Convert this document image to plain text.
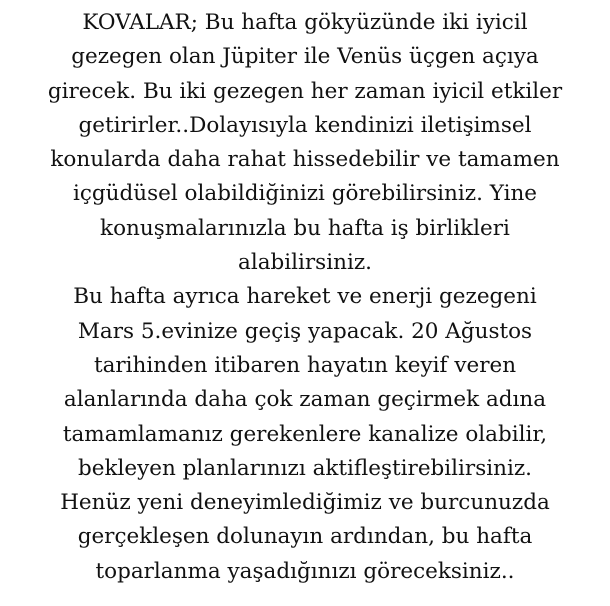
KOVALAR; Bu hafta gökyüzünde iki iyicil
gezegen olan Jüpiter ile Venüs üçgen açıya
girecek. Bu iki gezegen her zaman iyicil etkiler
getirirler..Dolayısıyla kendinizi iletişimsel
konularda daha rahat hissedebilir ve tamamen
içgüdüsel olabildiğinizi görebilirsiniz. Yine
konuşmalarınızla bu hafta iş birlikleri
alabilirsiniz.
Bu hafta ayrıca hareket ve enerji gezegeni
Mars 5.evinize geçiş yapacak. 20 Ağustos
tarihinden itibaren hayatın keyif veren
alanlarında daha çok zaman geçirmek adına
tamamlamanız gerekenlere kanalize olabilir,
bekleyen planlarınızı aktifleştirebilirsiniz.
Henüz yeni deneyimlediğimiz ve burcunuzda
gerçekleşen dolunayın ardından, bu hafta
toparlanma yaşadığınızı göreceksiniz..
